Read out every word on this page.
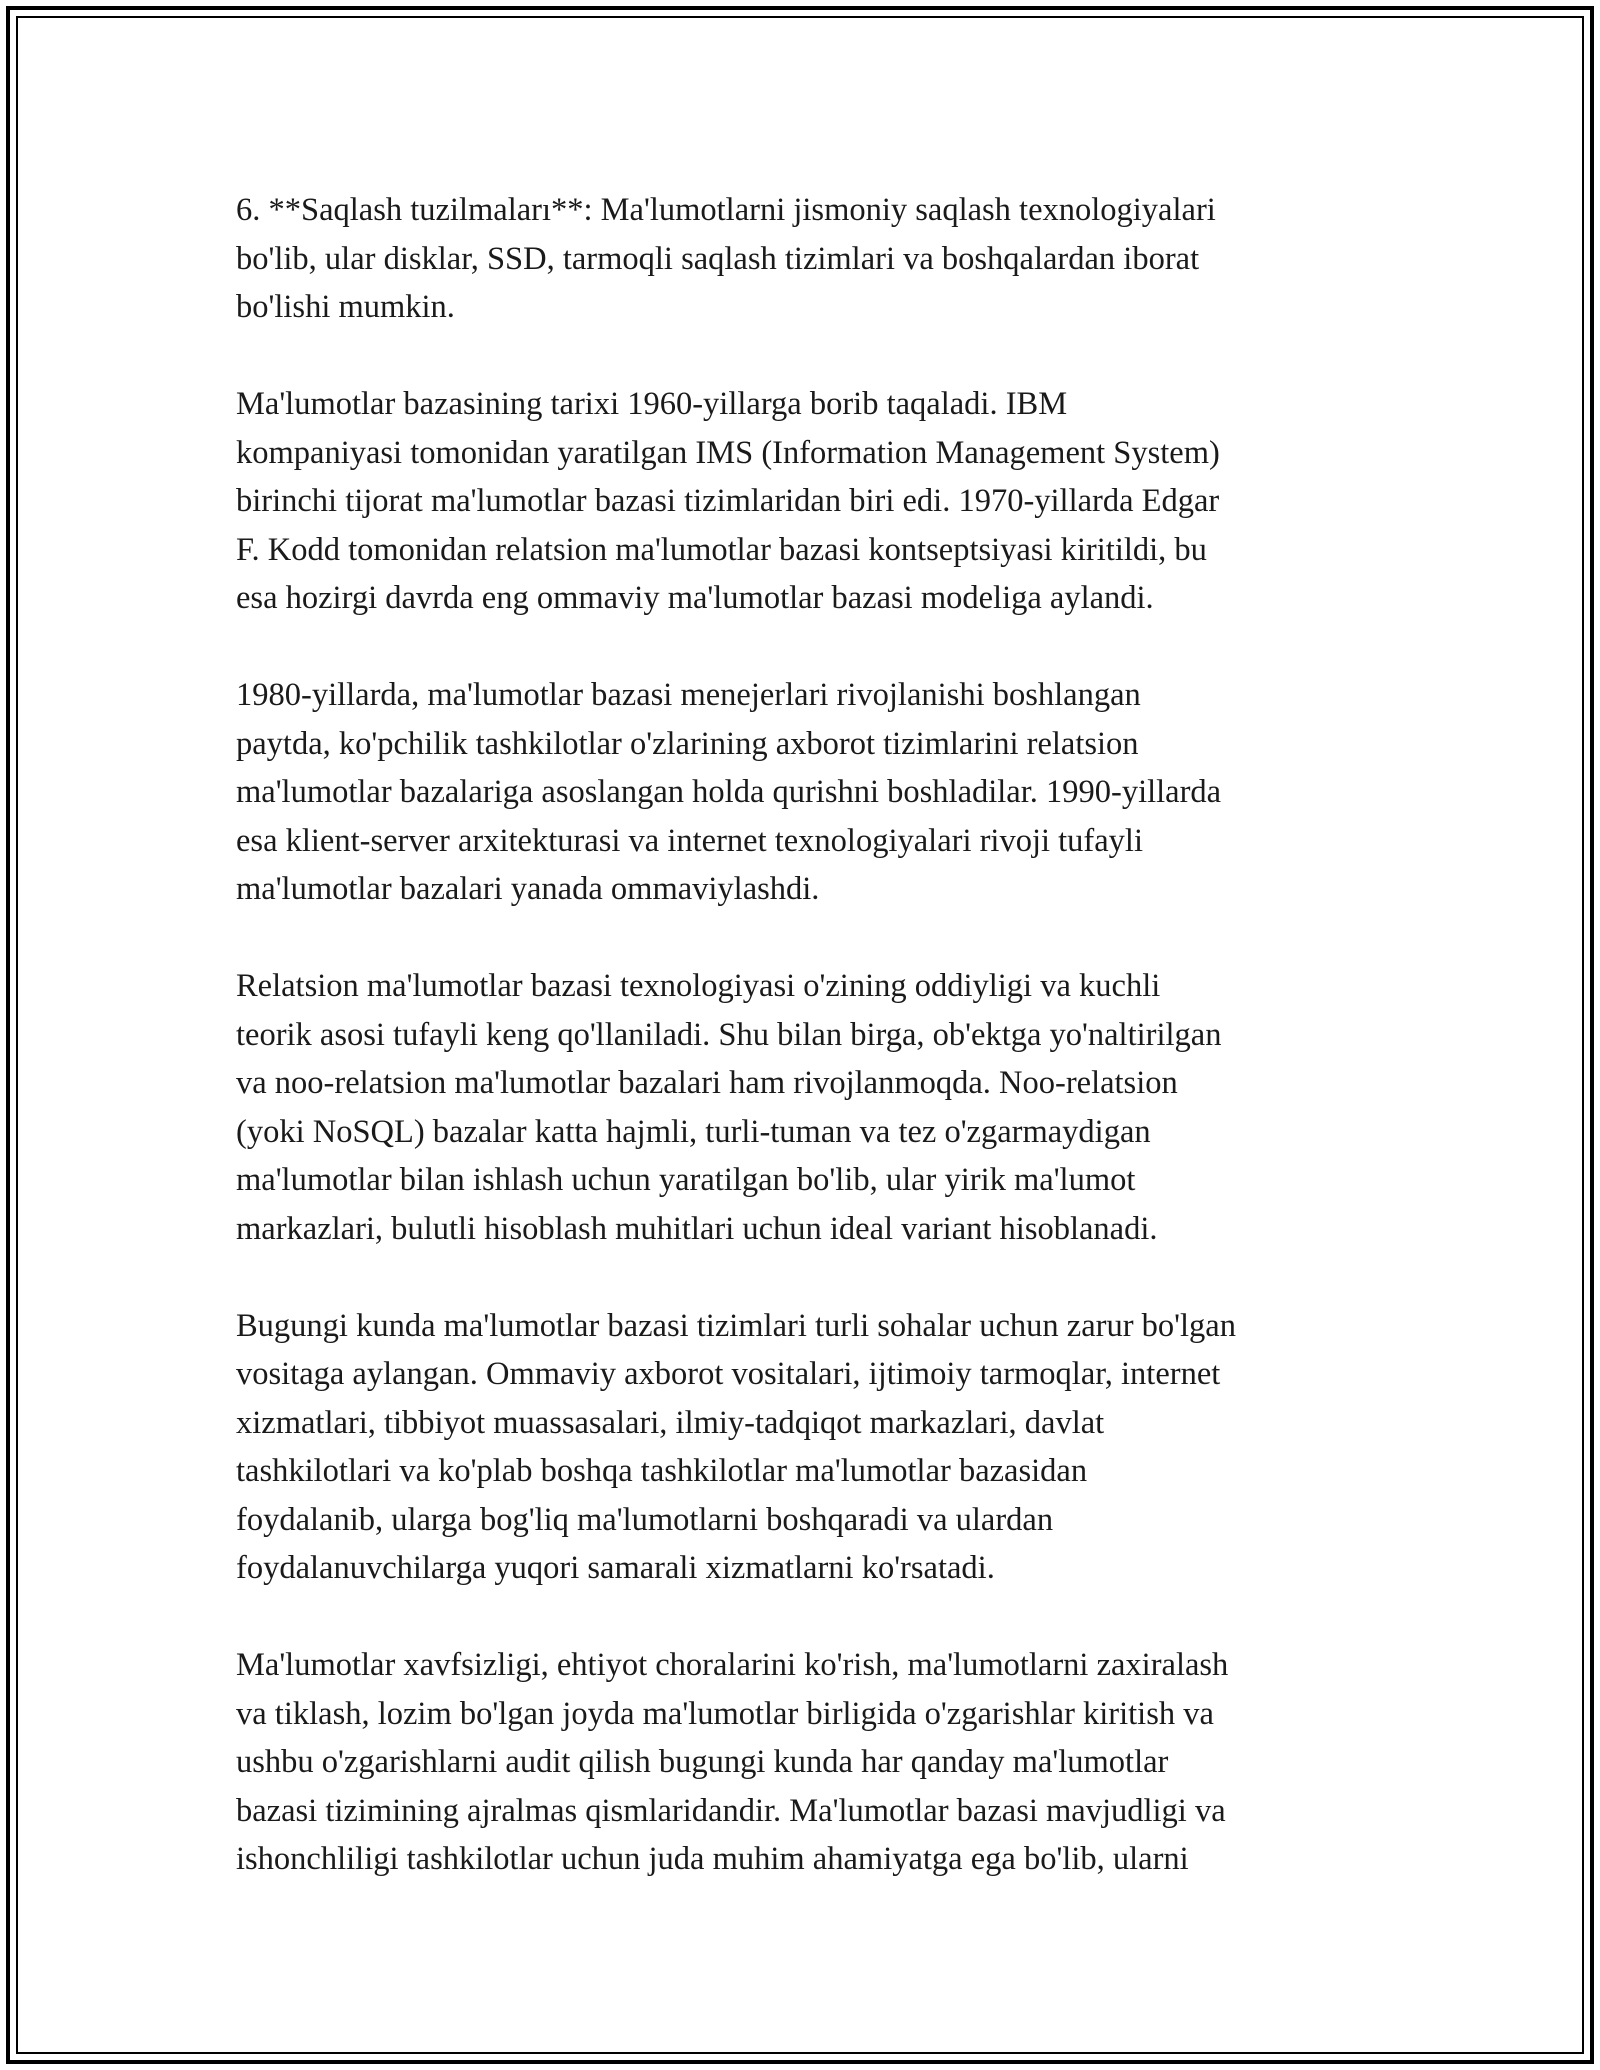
6. **Saqlash tuzilmaları**: Ma'lumotlarni jismoniy saqlash texnologiyalari
bo'lib, ular disklar, SSD, tarmoqli saqlash tizimlari va boshqalardan iborat
bo'lishi mumkin.

Ma'lumotlar bazasining tarixi 1960-yillarga borib taqaladi. IBM
kompaniyasi tomonidan yaratilgan IMS (Information Management System)
birinchi tijorat ma'lumotlar bazasi tizimlaridan biri edi. 1970-yillarda Edgar
F. Kodd tomonidan relatsion ma'lumotlar bazasi kontseptsiyasi kiritildi, bu
esa hozirgi davrda eng ommaviy ma'lumotlar bazasi modeliga aylandi.

1980-yillarda, ma'lumotlar bazasi menejerlari rivojlanishi boshlangan
paytda, ko'pchilik tashkilotlar o'zlarining axborot tizimlarini relatsion
ma'lumotlar bazalariga asoslangan holda qurishni boshladilar. 1990-yillarda
esa klient-server arxitekturasi va internet texnologiyalari rivoji tufayli
ma'lumotlar bazalari yanada ommaviylashdi.

Relatsion ma'lumotlar bazasi texnologiyasi o'zining oddiyligi va kuchli
teorik asosi tufayli keng qo'llaniladi. Shu bilan birga, ob'ektga yo'naltirilgan
va noo-relatsion ma'lumotlar bazalari ham rivojlanmoqda. Noo-relatsion
(yoki NoSQL) bazalar katta hajmli, turli-tuman va tez o'zgarmaydigan
ma'lumotlar bilan ishlash uchun yaratilgan bo'lib, ular yirik ma'lumot
markazlari, bulutli hisoblash muhitlari uchun ideal variant hisoblanadi.

Bugungi kunda ma'lumotlar bazasi tizimlari turli sohalar uchun zarur bo'lgan
vositaga aylangan. Ommaviy axborot vositalari, ijtimoiy tarmoqlar, internet
xizmatlari, tibbiyot muassasalari, ilmiy-tadqiqot markazlari, davlat
tashkilotlari va ko'plab boshqa tashkilotlar ma'lumotlar bazasidan
foydalanib, ularga bog'liq ma'lumotlarni boshqaradi va ulardan
foydalanuvchilarga yuqori samarali xizmatlarni ko'rsatadi.

Ma'lumotlar xavfsizligi, ehtiyot choralarini ko'rish, ma'lumotlarni zaxiralash
va tiklash, lozim bo'lgan joyda ma'lumotlar birligida o'zgarishlar kiritish va
ushbu o'zgarishlarni audit qilish bugungi kunda har qanday ma'lumotlar
bazasi tizimining ajralmas qismlaridandir. Ma'lumotlar bazasi mavjudligi va
ishonchliligi tashkilotlar uchun juda muhim ahamiyatga ega bo'lib, ularni
